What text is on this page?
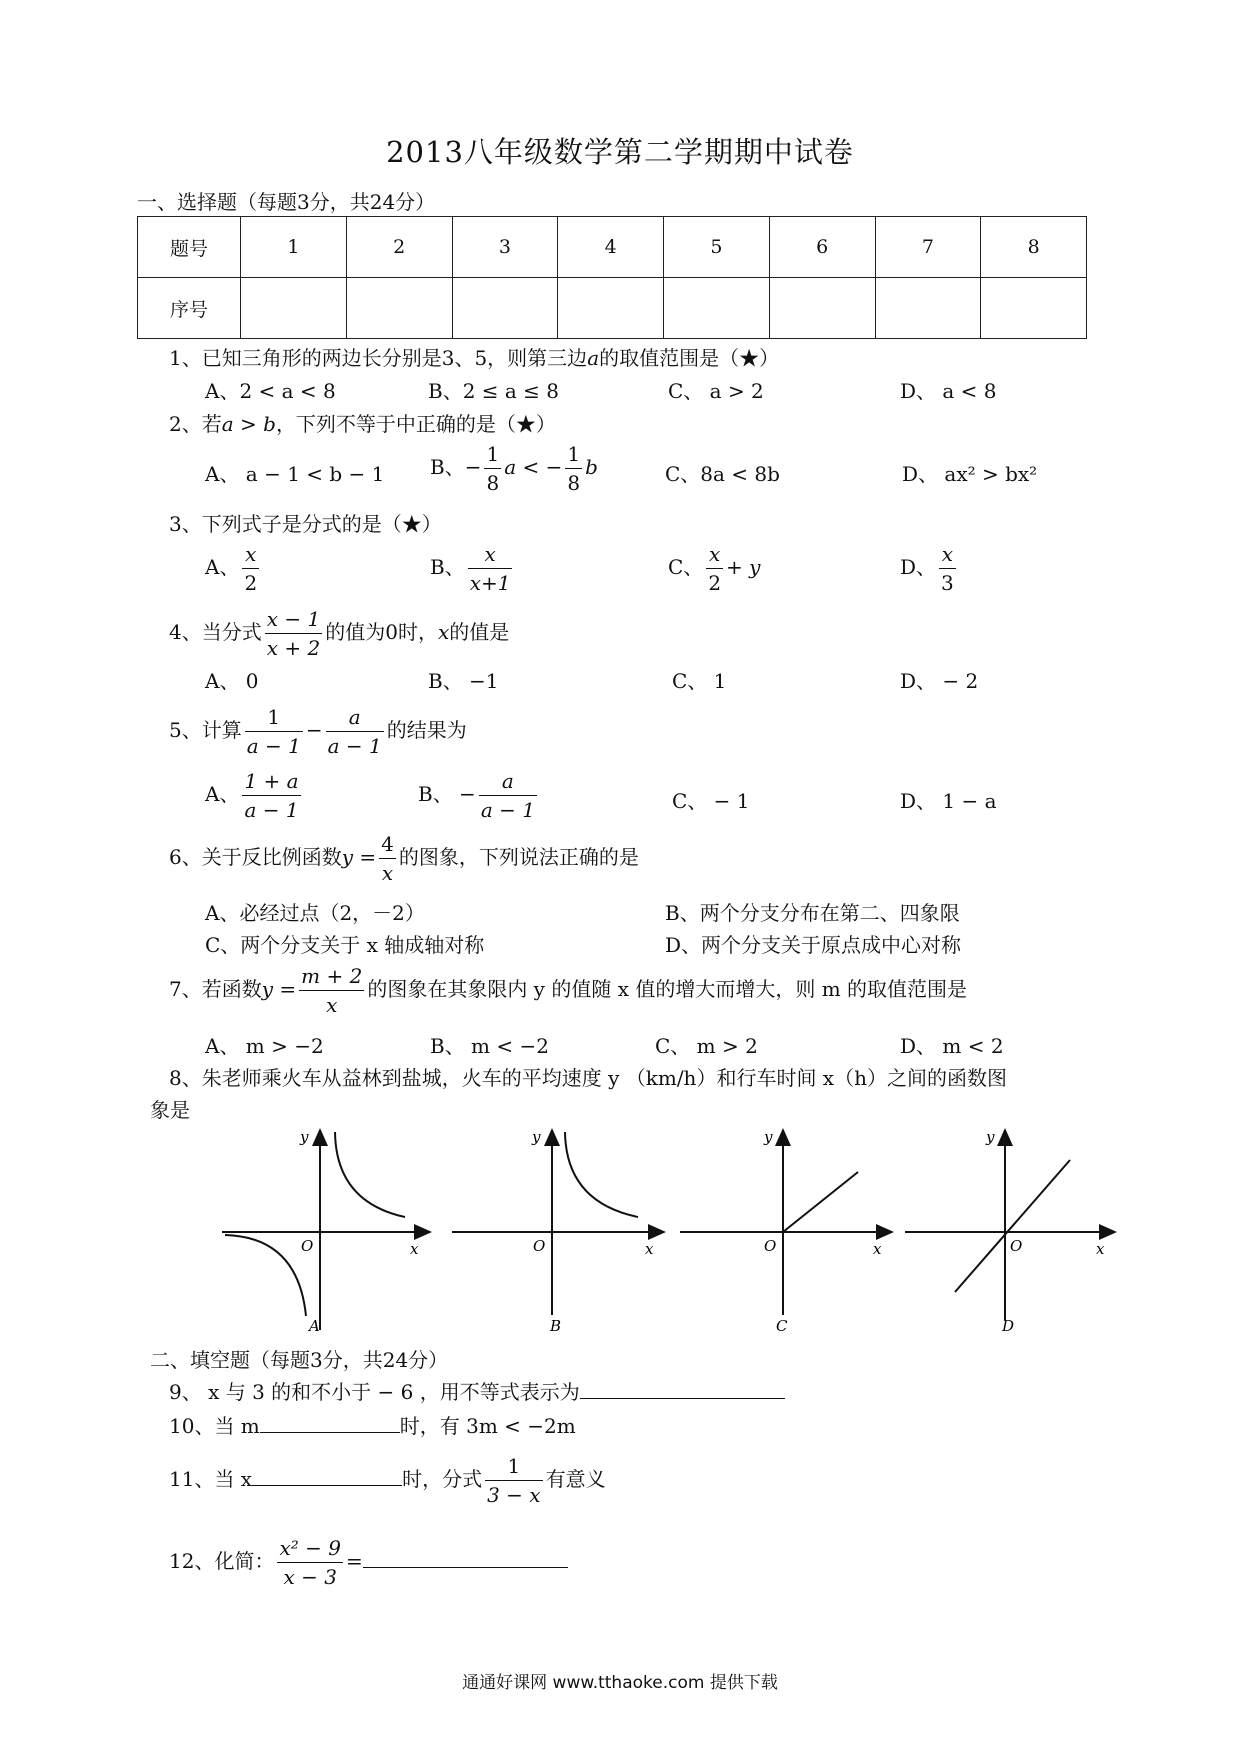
2013八年级数学第二学期期中试卷
一、选择题（每题3分，共24分）
题号	1	2	3	4	5	6	7	8
序号								
1、已知三角形的两边长分别是3、5，则第三边a的取值范围是（★）
A、2 < a < 8	B、2 ≤ a ≤ 8	C、 a > 2	D、 a < 8
2、若a > b，下列不等于中正确的是（★）
A、 a − 1 < b − 1 B、− $\frac{1}{8}$ a < − $\frac{1}{8}$ b	C、8a < 8b	D、 ax² > bx²
3、下列式子是分式的是（★）
A、 $\frac{x}{2}$	B、 $\frac{x}{x+1}$	C、 $\frac{x}{2} + y$	D、 $\frac{x}{3}$
4、当分式 $\frac{x - 1}{x + 2}$ 的值为0时，x的值是
A、 0	B、 −1	C、 1	D、 − 2
5、计算 $\frac{1}{a - 1} - \frac{a}{a - 1}$ 的结果为
A、 $\frac{1 + a}{a - 1}$	B、 − $\frac{a}{a - 1}$	C、 − 1	D、 1 − a
6、关于反比例函数$y = \frac{4}{x}$ 的图象，下列说法正确的是
A、必经过点（2，－2）	B、两个分支分布在第二、四象限
C、两个分支关于 x 轴成轴对称	D、两个分支关于原点成中心对称
7、若函数$y = \frac{m + 2}{x}$ 的图象在其象限内 y 的值随 x 值的增大而增大，则 m 的取值范围是
A、 m > −2	B、 m < −2	C、 m > 2	D、 m < 2
8、朱老师乘火车从益林到盐城，火车的平均速度 y （km/h）和行车时间 x（h）之间的函数图
象是
y
x
O
A
y
x
O
B
y
x
O
C
y
x
O
D
二、填空题（每题3分，共24分）
9、 x 与 3 的和不小于 − 6 ，用不等式表示为
10、当 m	时，有 3m < −2m
11、当 x	时，分式 $\frac{1}{3 - x}$ 有意义
12、化简： $\frac{\text{x² − 9}}{x - 3}$ =
通通好课网 www.tthaoke.com 提供下载
